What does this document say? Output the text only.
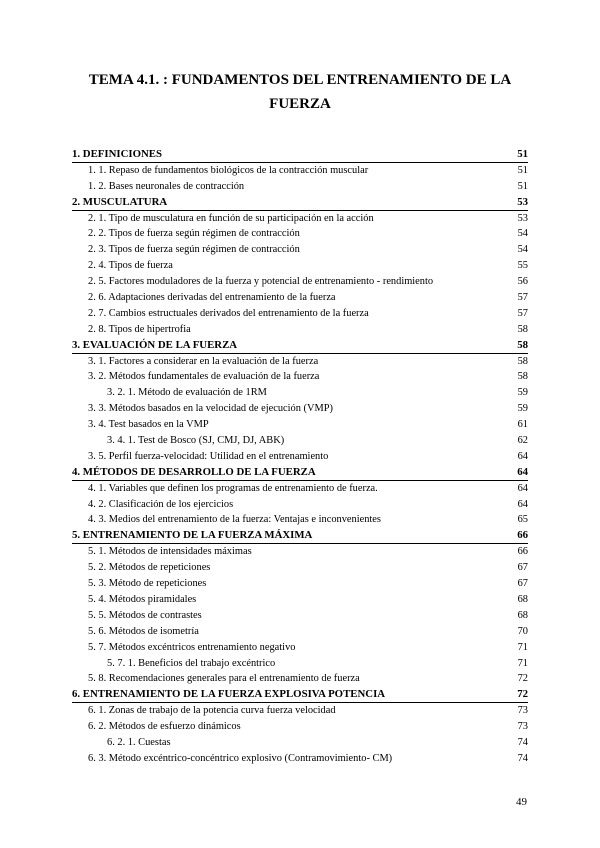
TEMA 4.1. : FUNDAMENTOS DEL ENTRENAMIENTO DE LA FUERZA
1. DEFINICIONES	51
1. 1. Repaso de fundamentos biológicos de la contracción muscular	51
1. 2. Bases neuronales de contracción	51
2. MUSCULATURA	53
2. 1. Tipo de musculatura en función de su participación en la acción	53
2. 2. Tipos de fuerza según régimen de contracción	54
2. 3. Tipos de fuerza según régimen de contracción	54
2. 4. Tipos de fuerza	55
2. 5. Factores moduladores de la fuerza y potencial de entrenamiento - rendimiento	56
2. 6. Adaptaciones derivadas del entrenamiento de la fuerza	57
2. 7. Cambios estructuales derivados del entrenamiento de la fuerza	57
2. 8. Tipos de hipertrofia	58
3. EVALUACIÓN DE LA FUERZA	58
3. 1. Factores a considerar en la evaluación de la fuerza	58
3. 2. Métodos fundamentales de evaluación de la fuerza	58
3. 2. 1. Método de evaluación de 1RM	59
3. 3. Métodos basados en la velocidad de ejecución (VMP)	59
3. 4. Test basados en la VMP	61
3. 4. 1. Test de Bosco (SJ, CMJ, DJ, ABK)	62
3. 5. Perfil fuerza-velocidad: Utilidad en el entrenamiento	64
4. MÉTODOS DE DESARROLLO DE LA FUERZA	64
4. 1. Variables que definen los programas de entrenamiento de fuerza.	64
4. 2. Clasificación de los ejercicios	64
4. 3. Medios del entrenamiento de la fuerza: Ventajas e inconvenientes	65
5. ENTRENAMIENTO DE LA FUERZA MÁXIMA	66
5. 1. Métodos de intensidades máximas	66
5. 2. Métodos de repeticiones	67
5. 3. Método de repeticiones	67
5. 4. Métodos piramidales	68
5. 5. Métodos de contrastes	68
5. 6. Métodos de isometría	70
5. 7. Métodos excéntricos entrenamiento negativo	71
5. 7. 1. Beneficios del trabajo excéntrico	71
5. 8. Recomendaciones generales para el entrenamiento de fuerza	72
6. ENTRENAMIENTO DE LA FUERZA EXPLOSIVA POTENCIA	72
6. 1. Zonas de trabajo de la potencia curva fuerza velocidad	73
6. 2. Métodos de esfuerzo dinámicos	73
6. 2. 1. Cuestas	74
6. 3. Método excéntrico-concéntrico explosivo (Contramovimiento- CM)	74
49
